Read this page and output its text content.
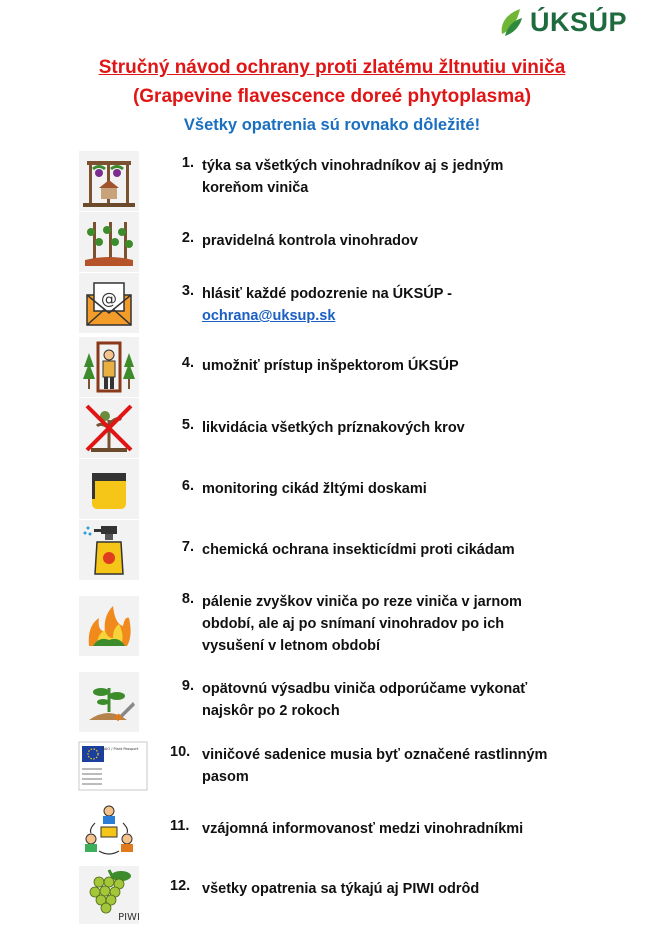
ÚKSÚP
Stručný návod ochrany proti zlatému žltnutiu viniča
(Grapevine flavescence doreé phytoplasma)
Všetky opatrenia sú rovnako dôležité!
1. týka sa všetkých vinohradníkov aj s jedným koreňom viniča
2. pravidelná kontrola vinohradov
@	3. hlásiť každé podozrenie na ÚKSÚP -
ochrana@uksup.sk
4. umožniť prístup inšpektorom ÚKSÚP
5. likvidácia všetkých príznakových krov
6. monitoring cikád žltými doskami
7. chemická ochrana insekticídmi proti cikádam
8. pálenie zvyškov viniča po reze viniča v jarnom období, ale aj po snímaní vinohradov po ich vysušení v letnom období
9. opätovnú výsadbu viniča odporúčame vykonať najskôr po 2 rokoch
RAIO / Plant Passport 10. viničové sadenice musia byť označené rastlinným pasom
11. vzájomná informovanosť medzi vinohradníkmi
PIWI
12. všetky opatrenia sa týkajú aj PIWI odrôd
